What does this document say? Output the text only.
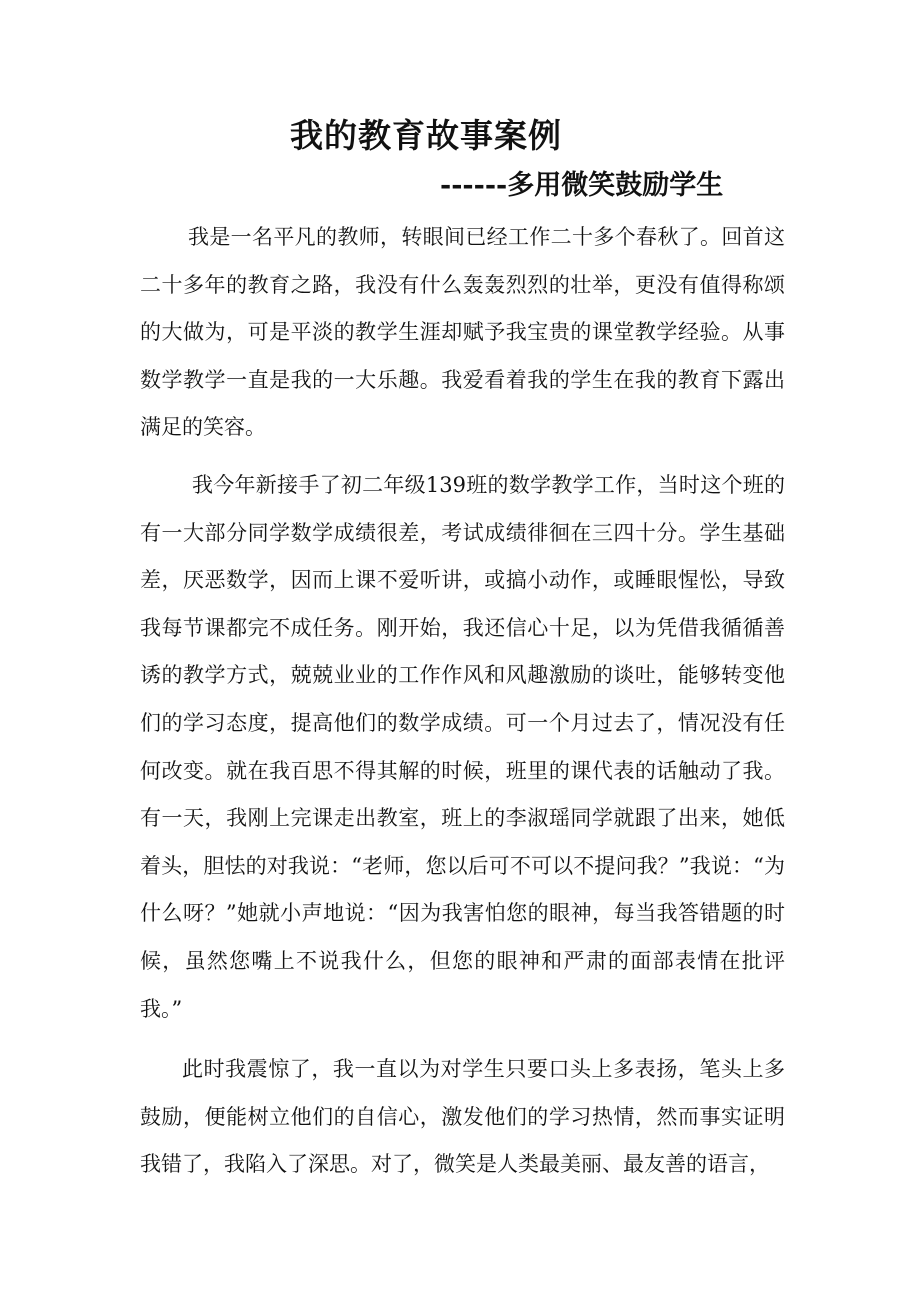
我的教育故事案例
------多用微笑鼓励学生

我是一名平凡的教师，转眼间已经工作二十多个春秋了。回首这二十多年的教育之路，我没有什么轰轰烈烈的壮举，更没有值得称颂的大做为，可是平淡的教学生涯却赋予我宝贵的课堂教学经验。从事数学教学一直是我的一大乐趣。我爱看着我的学生在我的教育下露出满足的笑容。

我今年新接手了初二年级139班的数学教学工作，当时这个班的有一大部分同学数学成绩很差，考试成绩徘徊在三四十分。学生基础差，厌恶数学，因而上课不爱听讲，或搞小动作，或睡眼惺忪，导致我每节课都完不成任务。刚开始，我还信心十足，以为凭借我循循善诱的教学方式，兢兢业业的工作作风和风趣激励的谈吐，能够转变他们的学习态度，提高他们的数学成绩。可一个月过去了，情况没有任何改变。就在我百思不得其解的时候，班里的课代表的话触动了我。有一天，我刚上完课走出教室，班上的李淑瑶同学就跟了出来，她低着头，胆怯的对我说：“老师，您以后可不可以不提问我？”我说：“为什么呀？”她就小声地说：“因为我害怕您的眼神，每当我答错题的时候，虽然您嘴上不说我什么，但您的眼神和严肃的面部表情在批评我。”

此时我震惊了，我一直以为对学生只要口头上多表扬，笔头上多鼓励，便能树立他们的自信心，激发他们的学习热情，然而事实证明我错了，我陷入了深思。对了，微笑是人类最美丽、最友善的语言，
